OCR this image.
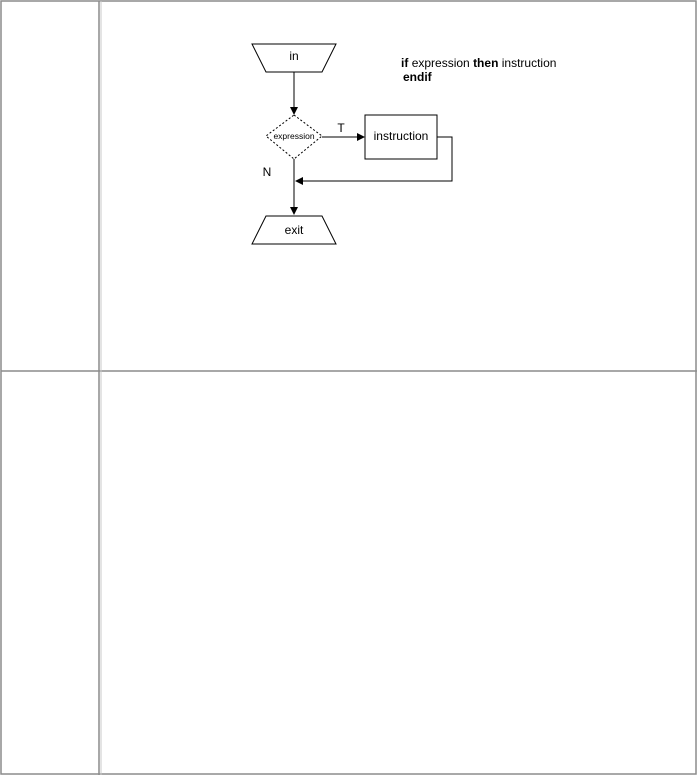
in
expression
T
instruction
N
exit
if expression then instruction
endif
